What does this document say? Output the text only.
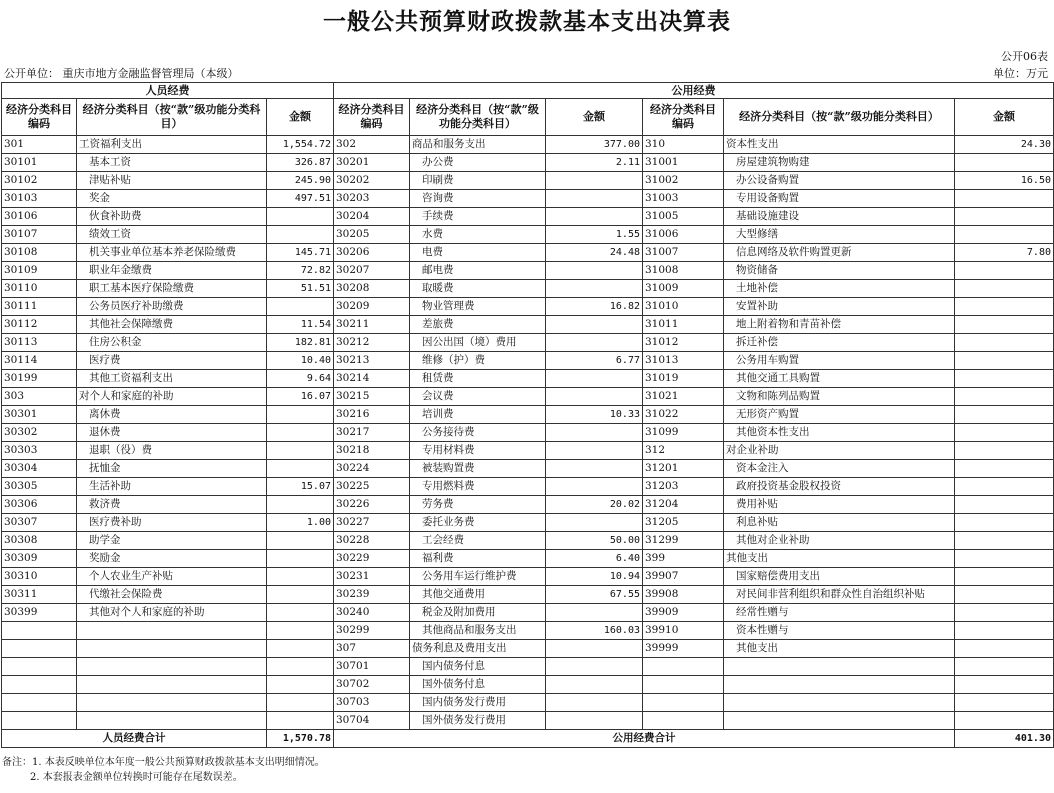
一般公共预算财政拨款基本支出决算表
公开06表
公开单位： 重庆市地方金融监督管理局（本级）	单位：万元
人员经费			公用经费					
经济分类科目编码	经济分类科目（按“款”级功能分类科目）	金额	经济分类科目编码	经济分类科目（按“款”级功能分类科目）	金额	经济分类科目编码	经济分类科目（按“款”级功能分类科目）	金额
301	工资福利支出	1,554.72	302	商品和服务支出	377.00	310	资本性支出	24.30
30101	基本工资	326.87	30201	办公费	2.11	31001	房屋建筑物购建	
30102	津贴补贴	245.90	30202	印刷费		31002	办公设备购置	16.50
30103	奖金	497.51	30203	咨询费		31003	专用设备购置	
30106	伙食补助费		30204	手续费		31005	基础设施建设	
30107	绩效工资		30205	水费	1.55	31006	大型修缮	
30108	机关事业单位基本养老保险缴费	145.71	30206	电费	24.48	31007	信息网络及软件购置更新	7.80
30109	职业年金缴费	72.82	30207	邮电费		31008	物资储备	
30110	职工基本医疗保险缴费	51.51	30208	取暖费		31009	土地补偿	
30111	公务员医疗补助缴费		30209	物业管理费	16.82	31010	安置补助	
30112	其他社会保障缴费	11.54	30211	差旅费		31011	地上附着物和青苗补偿	
30113	住房公积金	182.81	30212	因公出国（境）费用		31012	拆迁补偿	
30114	医疗费	10.40	30213	维修（护）费	6.77	31013	公务用车购置	
30199	其他工资福利支出	9.64	30214	租赁费		31019	其他交通工具购置	
303	对个人和家庭的补助	16.07	30215	会议费		31021	文物和陈列品购置	
30301	离休费		30216	培训费	10.33	31022	无形资产购置	
30302	退休费		30217	公务接待费		31099	其他资本性支出	
30303	退职（役）费		30218	专用材料费		312	对企业补助	
30304	抚恤金		30224	被装购置费		31201	资本金注入	
30305	生活补助	15.07	30225	专用燃料费		31203	政府投资基金股权投资	
30306	救济费		30226	劳务费	20.02	31204	费用补贴	
30307	医疗费补助	1.00	30227	委托业务费		31205	利息补贴	
30308	助学金		30228	工会经费	50.00	31299	其他对企业补助	
30309	奖励金		30229	福利费	6.40	399	其他支出	
30310	个人农业生产补贴		30231	公务用车运行维护费	10.94	39907	国家赔偿费用支出	
30311	代缴社会保险费		30239	其他交通费用	67.55	39908	对民间非营利组织和群众性自治组织补贴	
30399	其他对个人和家庭的补助		30240	税金及附加费用		39909	经常性赠与	
			30299	其他商品和服务支出	160.03	39910	资本性赠与	
			307	债务利息及费用支出		39999	其他支出	
			30701	国内债务付息				
			30702	国外债务付息				
			30703	国内债务发行费用				
			30704	国外债务发行费用				
人员经费合计		1,570.78	公用经费合计					401.30
备注：1. 本表反映单位本年度一般公共预算财政拨款基本支出明细情况。
2. 本套报表金额单位转换时可能存在尾数误差。
